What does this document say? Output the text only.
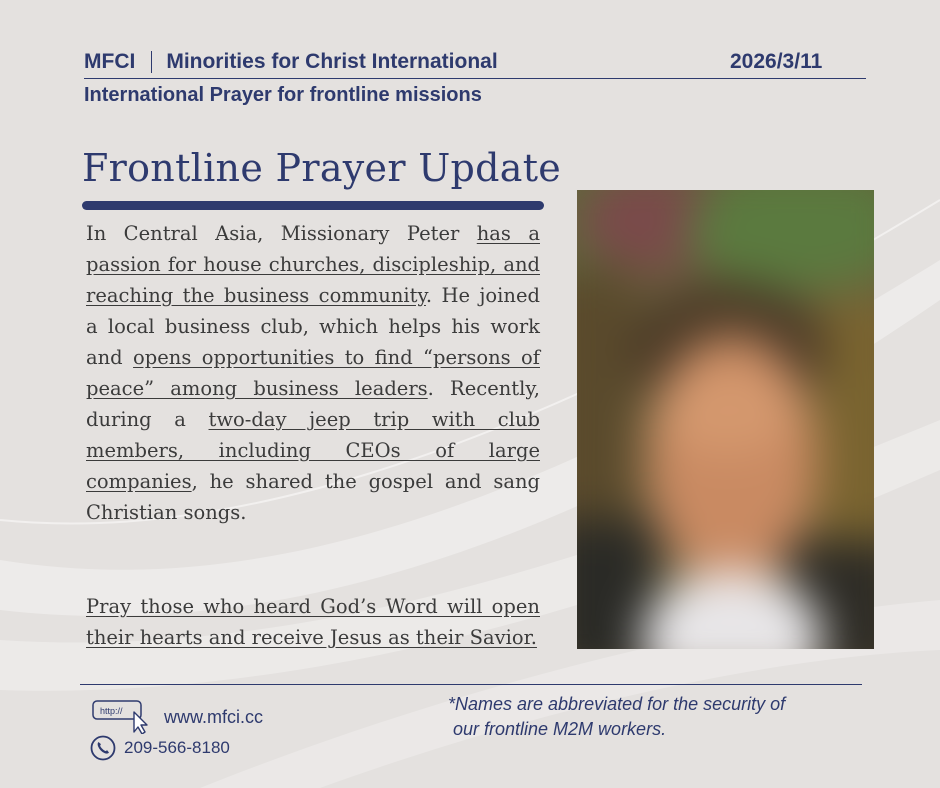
MFCI Minorities for Christ International	2026/3/11
International Prayer for frontline missions
Frontline Prayer Update

In Central Asia, Missionary Peter has a passion for house churches, discipleship, and reaching the business community. He joined a local business club, which helps his work and opens opportunities to find “persons of peace” among business leaders. Recently, during a two-day jeep trip with club members, including CEOs of large companies, he shared the gospel and sang Christian songs.

Pray those who heard God’s Word will open their hearts and receive Jesus as their Savior.

http:// www.mfci.cc
209-566-8180
*Names are abbreviated for the security of
our frontline M2M workers.
